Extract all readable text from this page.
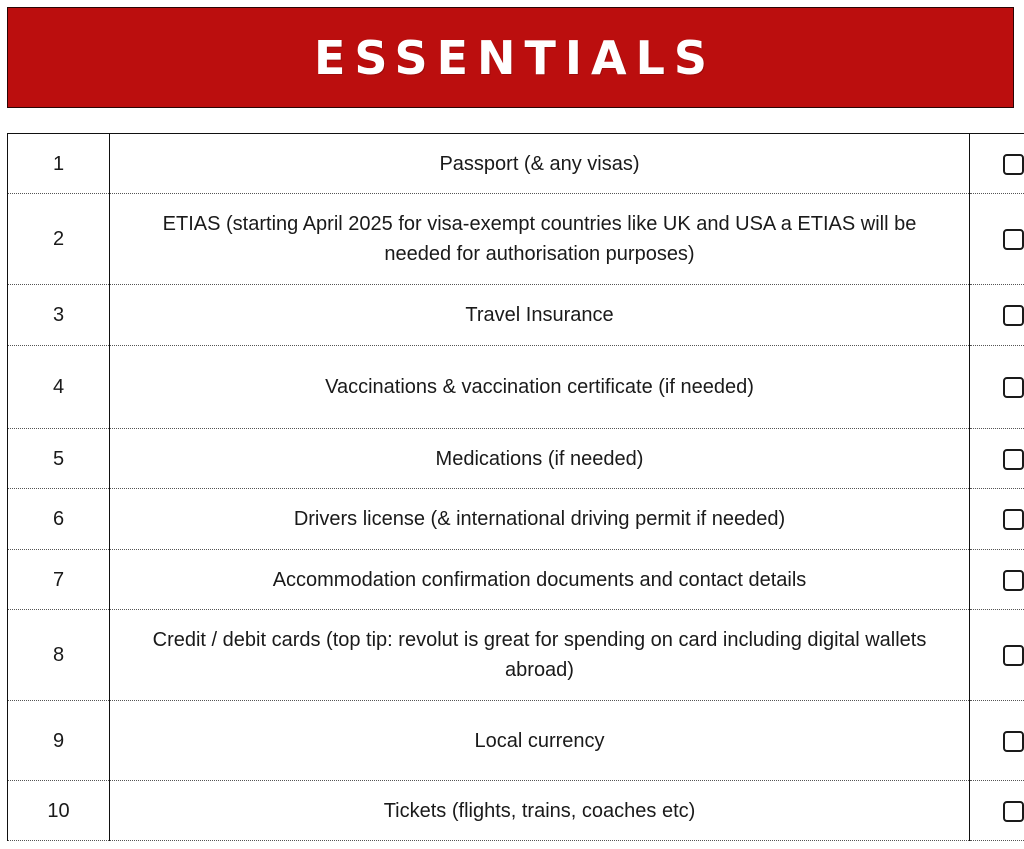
ESSENTIALS
1	Passport (& any visas)	
2	ETIAS (starting April 2025 for visa-exempt countries like UK and USA a ETIAS will be needed for authorisation purposes)	
3	Travel Insurance	
4	Vaccinations & vaccination certificate (if needed)	
5	Medications (if needed)	
6	Drivers license (& international driving permit if needed)	
7	Accommodation confirmation documents and contact details	
8	Credit / debit cards (top tip: revolut is great for spending on card including digital wallets abroad)	
9	Local currency	
10	Tickets (flights, trains, coaches etc)	
